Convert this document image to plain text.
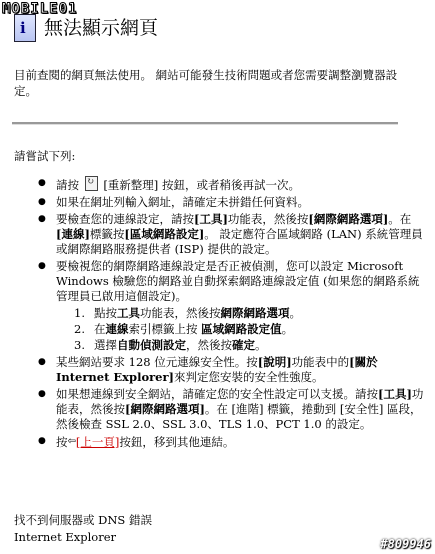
MOBILE01
i 無法顯示網頁
目前查閱的網頁無法使用。 網站可能發生技術問題或者您需要調整瀏覽器設定。
請嘗試下列:
● 請按 ↻ [重新整理] 按鈕，或者稍後再試一次。
● 如果在網址列輸入網址，請確定未拼錯任何資料。
● 要檢查您的連線設定，請按[工具]功能表，然後按[網際網路選項]。在[連線]標籤按[區域網路設定]。 設定應符合區域網路 (LAN) 系統管理員或網際網路服務提供者 (ISP) 提供的設定。
● 要檢視您的網際網路連線設定是否正被偵測，您可以設定 Microsoft Windows 檢驗您的網路並自動探索網路連線設定值 (如果您的網路系統管理員已啟用這個設定)。
1. 點按工具功能表，然後按網際網路選項。
2. 在連線索引標籤上按 區域網路設定值。
3. 選擇自動偵測設定，然後按確定。
● 某些網站要求 128 位元連線安全性。按[說明]功能表中的[關於 Internet Explorer]來判定您安裝的安全性強度。
● 如果想連線到安全網站，請確定您的安全性設定可以支援。請按[工具]功能表，然後按[網際網路選項]。在 [進階] 標籤，捲動到 [安全性] 區段，然後檢查 SSL 2.0、SSL 3.0、TLS 1.0、PCT 1.0 的設定。
● 按⇦[上一頁]按鈕，移到其他連結。
找不到伺服器或 DNS 錯誤
Internet Explorer	#809946
